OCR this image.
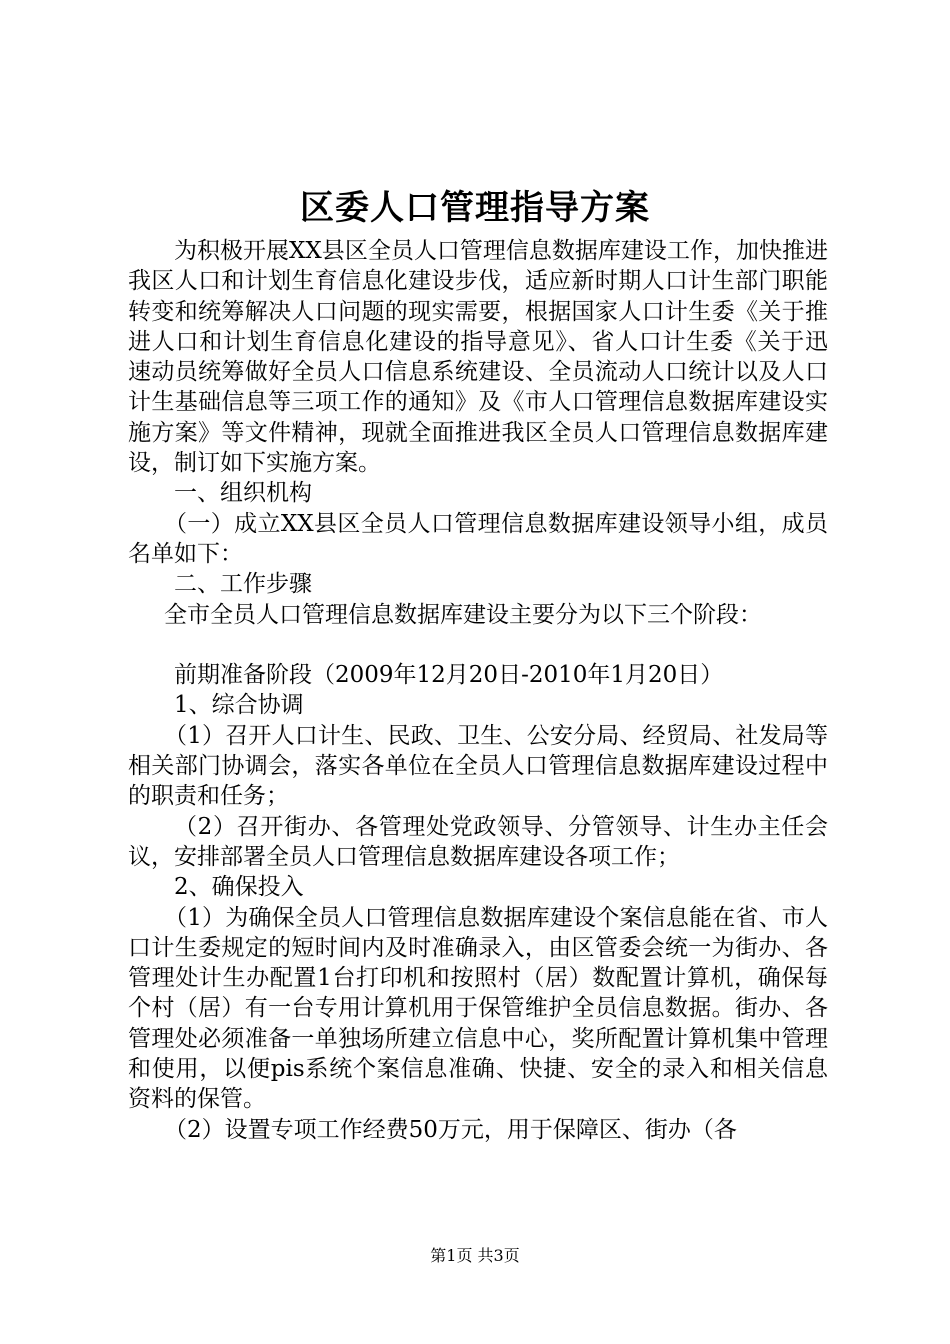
区委人口管理指导方案

为积极开展XX县区全员人口管理信息数据库建设工作，加快推进我区人口和计划生育信息化建设步伐，适应新时期人口计生部门职能转变和统筹解决人口问题的现实需要，根据国家人口计生委《关于推进人口和计划生育信息化建设的指导意见》、省人口计生委《关于迅速动员统筹做好全员人口信息系统建设、全员流动人口统计以及人口计生基础信息等三项工作的通知》及《市人口管理信息数据库建设实施方案》等文件精神，现就全面推进我区全员人口管理信息数据库建设，制订如下实施方案。

一、组织机构

（一）成立XX县区全员人口管理信息数据库建设领导小组，成员名单如下：

二、工作步骤

全市全员人口管理信息数据库建设主要分为以下三个阶段：

前期准备阶段（2009年12月20日-2010年1月20日）

1、综合协调

（1）召开人口计生、民政、卫生、公安分局、经贸局、社发局等相关部门协调会，落实各单位在全员人口管理信息数据库建设过程中的职责和任务；

（2）召开街办、各管理处党政领导、分管领导、计生办主任会议，安排部署全员人口管理信息数据库建设各项工作；

2、确保投入

（1）为确保全员人口管理信息数据库建设个案信息能在省、市人口计生委规定的短时间内及时准确录入，由区管委会统一为街办、各管理处计生办配置1台打印机和按照村（居）数配置计算机，确保每个村（居）有一台专用计算机用于保管维护全员信息数据。街办、各管理处必须准备一单独场所建立信息中心，奖所配置计算机集中管理和使用，以便pis系统个案信息准确、快捷、安全的录入和相关信息资料的保管。

（2）设置专项工作经费50万元，用于保障区、街办（各

第1页 共3页
